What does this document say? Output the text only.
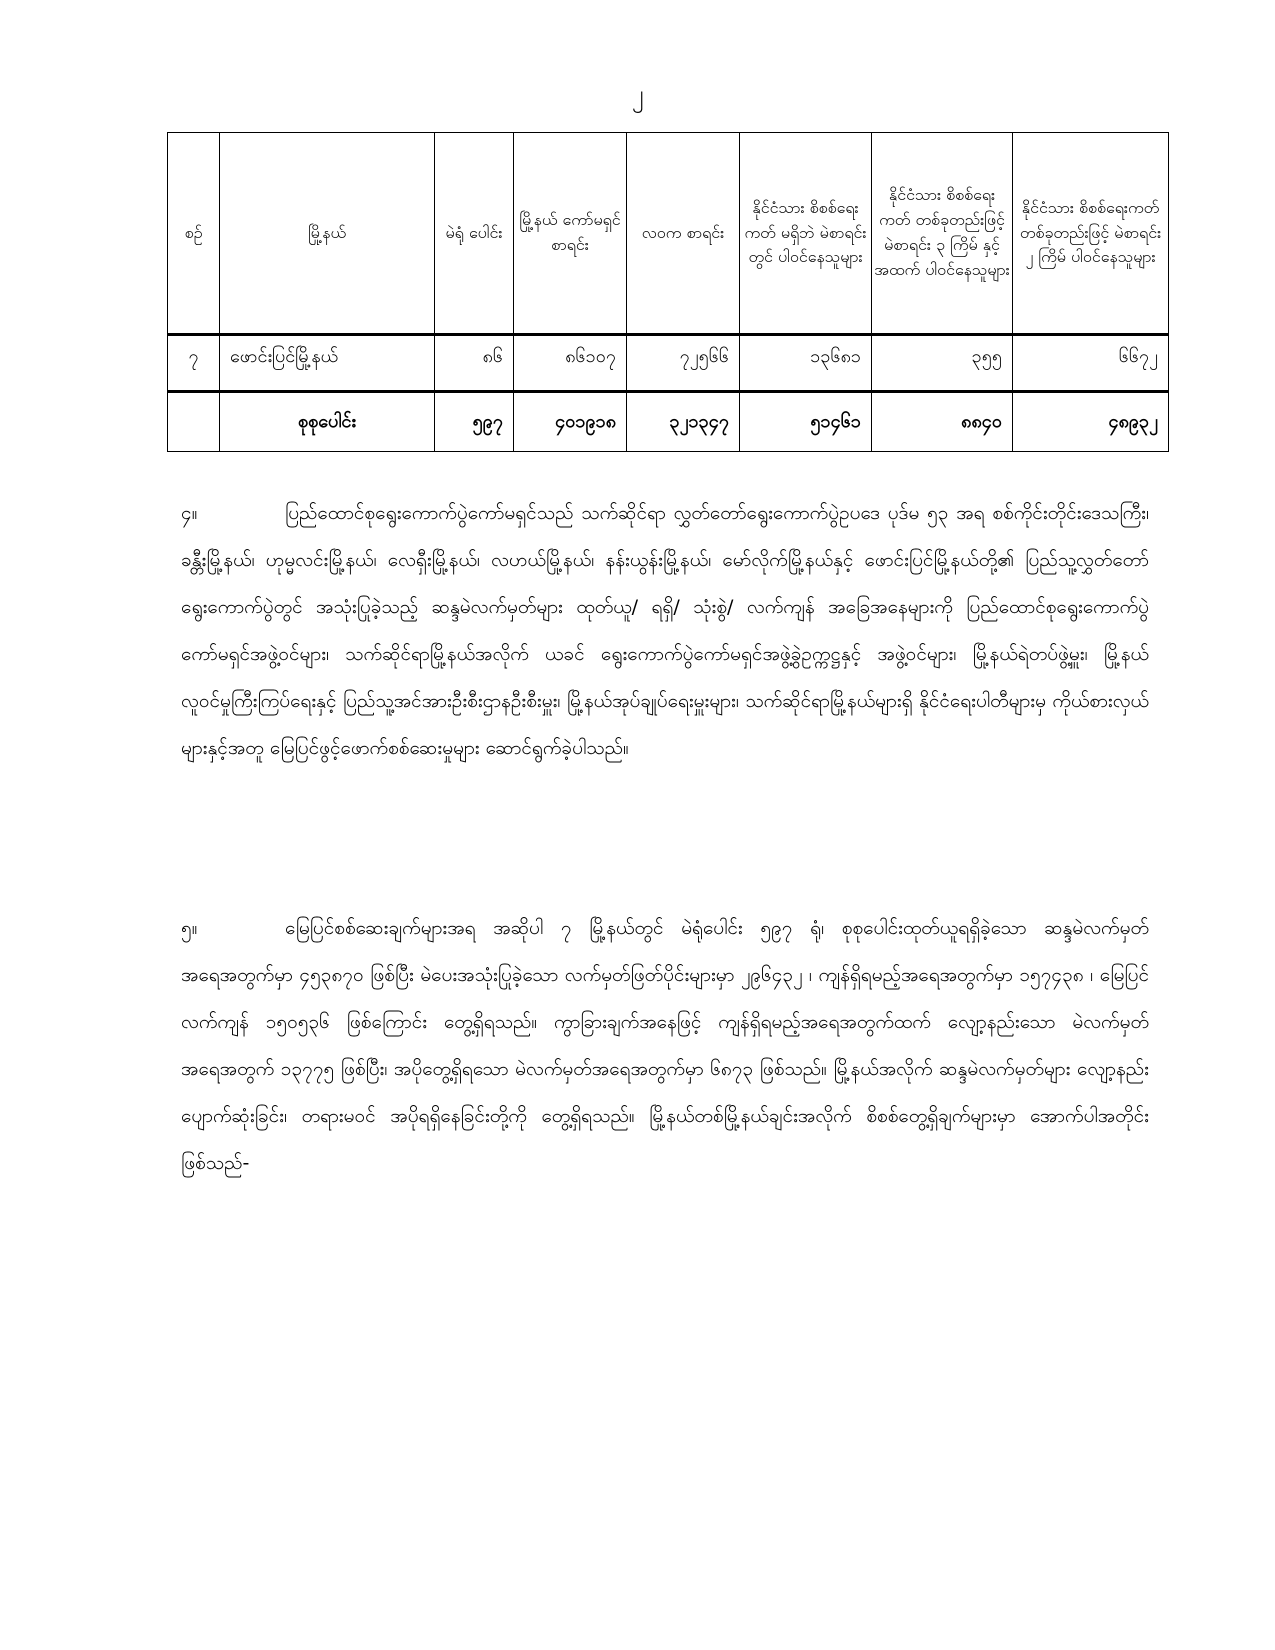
၂
စဉ်	မြို့နယ်	မဲရုံ ပေါင်း	မြို့နယ် ကော်မရှင် စာရင်း	လဝက စာရင်း	နိုင်ငံသား စိစစ်ရေးကတ် မရှိဘဲ မဲစာရင်းတွင် ပါဝင်နေသူများ	နိုင်ငံသား စိစစ်ရေးကတ် တစ်ခုတည်းဖြင့် မဲစာရင်း ၃ ကြိမ် နှင့်အထက် ပါဝင်နေသူများ	နိုင်ငံသား စိစစ်ရေးကတ် တစ်ခုတည်းဖြင့် မဲစာရင်း ၂ ကြိမ် ပါဝင်နေသူများ
၇	ဖောင်းပြင်မြို့နယ်	၈၆	၈၆၁၀၇	၇၂၅၆၆	၁၃၆၈၁	၃၅၅	၆၆၇၂
	စုစုပေါင်း	၅၉၇	၄၀၁၉၁၈	၃၂၁၃၄၇	၅၁၄၆၁	၈၈၄၀	၄၈၉၃၂
၄။	ပြည်ထောင်စုရွေးကောက်ပွဲကော်မရှင်သည် သက်ဆိုင်ရာ လွှတ်တော်ရွေးကောက်ပွဲဥပဒေ ပုဒ်မ ၅၃ အရ စစ်ကိုင်းတိုင်းဒေသကြီး၊ ခန္တီးမြို့နယ်၊ ဟုမ္မလင်းမြို့နယ်၊ လေရှီးမြို့နယ်၊ လဟယ်မြို့နယ်၊ နန်းယွန်းမြို့နယ်၊ မော်လိုက်မြို့နယ်နှင့် ဖောင်းပြင်မြို့နယ်တို့၏ ပြည်သူ့လွှတ်တော်ရွေးကောက်ပွဲတွင် အသုံးပြုခဲ့သည့် ဆန္ဒမဲလက်မှတ်များ ထုတ်ယူ/ ရရှိ/ သုံးစွဲ/ လက်ကျန် အခြေအနေများကို ပြည်ထောင်စုရွေးကောက်ပွဲကော်မရှင်အဖွဲ့ဝင်များ၊ သက်ဆိုင်ရာမြို့နယ်အလိုက် ယခင် ရွေးကောက်ပွဲကော်မရှင်အဖွဲ့ခွဲဥက္ကဋ္ဌနှင့် အဖွဲ့ဝင်များ၊ မြို့နယ်ရဲတပ်ဖွဲ့မှူး၊ မြို့နယ်လူဝင်မှုကြီးကြပ်ရေးနှင့် ပြည်သူ့အင်အားဦးစီးဌာနဦးစီးမှူး၊ မြို့နယ်အုပ်ချုပ်ရေးမှူးများ၊ သက်ဆိုင်ရာမြို့နယ်များရှိ နိုင်ငံရေးပါတီများမှ ကိုယ်စားလှယ်များနှင့်အတူ မြေပြင်ဖွင့်ဖောက်စစ်ဆေးမှုများ ဆောင်ရွက်ခဲ့ပါသည်။
၅။	မြေပြင်စစ်ဆေးချက်များအရ အဆိုပါ ၇ မြို့နယ်တွင် မဲရုံပေါင်း ၅၉၇ ရုံ၊ စုစုပေါင်းထုတ်ယူရရှိခဲ့သော ဆန္ဒမဲလက်မှတ်အရေအတွက်မှာ ၄၅၃၈၇၀ ဖြစ်ပြီး မဲပေးအသုံးပြုခဲ့သော လက်မှတ်ဖြတ်ပိုင်းများမှာ ၂၉၆၄၃၂ ၊ ကျန်ရှိရမည့်အရေအတွက်မှာ ၁၅၇၄၃၈ ၊ မြေပြင်လက်ကျန် ၁၅၀၅၃၆ ဖြစ်ကြောင်း တွေ့ရှိရသည်။ ကွာခြားချက်အနေဖြင့် ကျန်ရှိရမည့်အရေအတွက်ထက် လျော့နည်းသော မဲလက်မှတ်အရေအတွက် ၁၃၇၇၅ ဖြစ်ပြီး၊ အပိုတွေ့ရှိရသော မဲလက်မှတ်အရေအတွက်မှာ ၆၈၇၃ ဖြစ်သည်။ မြို့နယ်အလိုက် ဆန္ဒမဲလက်မှတ်များ လျော့နည်းပျောက်ဆုံးခြင်း၊ တရားမဝင် အပိုရရှိနေခြင်းတို့ကို တွေ့ရှိရသည်။ မြို့နယ်တစ်မြို့နယ်ချင်းအလိုက် စိစစ်တွေ့ရှိချက်များမှာ အောက်ပါအတိုင်းဖြစ်သည်-
